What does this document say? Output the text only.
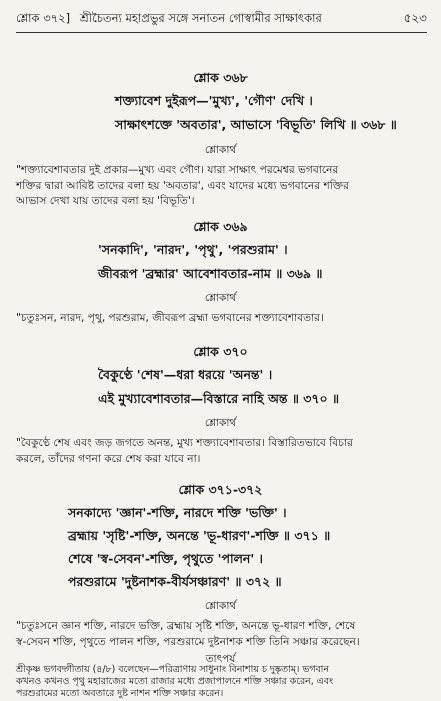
শ্লোক ৩৭২] শ্রীচৈতন্য মহাপ্রভুর সঙ্গে সনাতন গোস্বামীর সাক্ষাৎকার	৫২৩
শ্লোক ৩৬৮
শক্ত্যাবেশ দুইরূপ—'মুখ্য', 'গৌণ' দেখি ।
সাক্ষাৎশক্তে 'অবতার', আভাসে 'বিভূতি' লিখি ॥ ৩৬৮ ॥
শ্লোকার্থ
"শক্ত্যাবেশাবতার দুই প্রকার—মুখ্য এবং গৌণ। যারা সাক্ষাৎ পরমেশ্বর ভগবানের
শক্তির দ্বারা আবিষ্ট তাদের বলা হয় 'অবতার', এবং যাদের মধ্যে ভগবানের শক্তির
আভাস দেখা যায় তাদের বলা হয় 'বিভূতি'।
শ্লোক ৩৬৯
'সনকাদি', 'নারদ', 'পৃথু', 'পরশুরাম' ।
জীবরূপ 'ব্রহ্মার' আবেশাবতার-নাম ॥ ৩৬৯ ॥
শ্লোকার্থ
"চতুঃসন, নারদ, পৃথু, পরশুরাম, জীবরূপ ব্রহ্মা ভগবানের শক্ত্যাবেশাবতার।
শ্লোক ৩৭০
বৈকুণ্ঠে 'শেষ'—ধরা ধরয়ে 'অনন্ত' ।
এই মুখ্যাবেশাবতার—বিস্তারে নাহি অন্ত ॥ ৩৭০ ॥
শ্লোকার্থ
"বৈকুণ্ঠে শেষ এবং জড় জগতে অনন্ত, মুখ্য শক্ত্যাবেশাবতার। বিস্তারিতভাবে বিচার
করলে, তাঁদের গণনা করে শেষ করা যাবে না।
শ্লোক ৩৭১-৩৭২
সনকাদ্যে 'জ্ঞান'-শক্তি, নারদে শক্তি 'ভক্তি' ।
ব্রহ্মায় 'সৃষ্টি'-শক্তি, অনন্তে 'ভূ-ধারণ'-শক্তি ॥ ৩৭১ ॥
শেষে 'স্ব-সেবন'-শক্তি, পৃথুতে 'পালন' ।
পরশুরামে 'দুষ্টনাশক-বীর্যসঞ্চারণ' ॥ ৩৭২ ॥
শ্লোকার্থ
"চতুঃসনে জ্ঞান শক্তি, নারদে ভক্তি, ব্রহ্মায় সৃষ্টি শক্তি, অনন্তে ভূ-ধারণ শক্তি, শেষে
স্ব-সেবন শক্তি, পৃথুতে পালন শক্তি, পরশুরামে দুষ্টনাশক শক্তি তিনি সঞ্চার করেছেন।
তাৎপর্য
শ্রীকৃষ্ণ ভগবদ্গীতায় (৪/৮) বলেছেন—পরিত্রাণায় সাধুনাং বিনাশায় চ দুষ্কৃতাম্। ভগবান
কখনও কখনও পৃথু মহারাজের মতো রাজার মধ্যে প্রজাপালনে শক্তি সঞ্চার করেন, এবং
পরশুরামের মতো অবতারে দুষ্ট নাশন শক্তি সঞ্চার করেন।
